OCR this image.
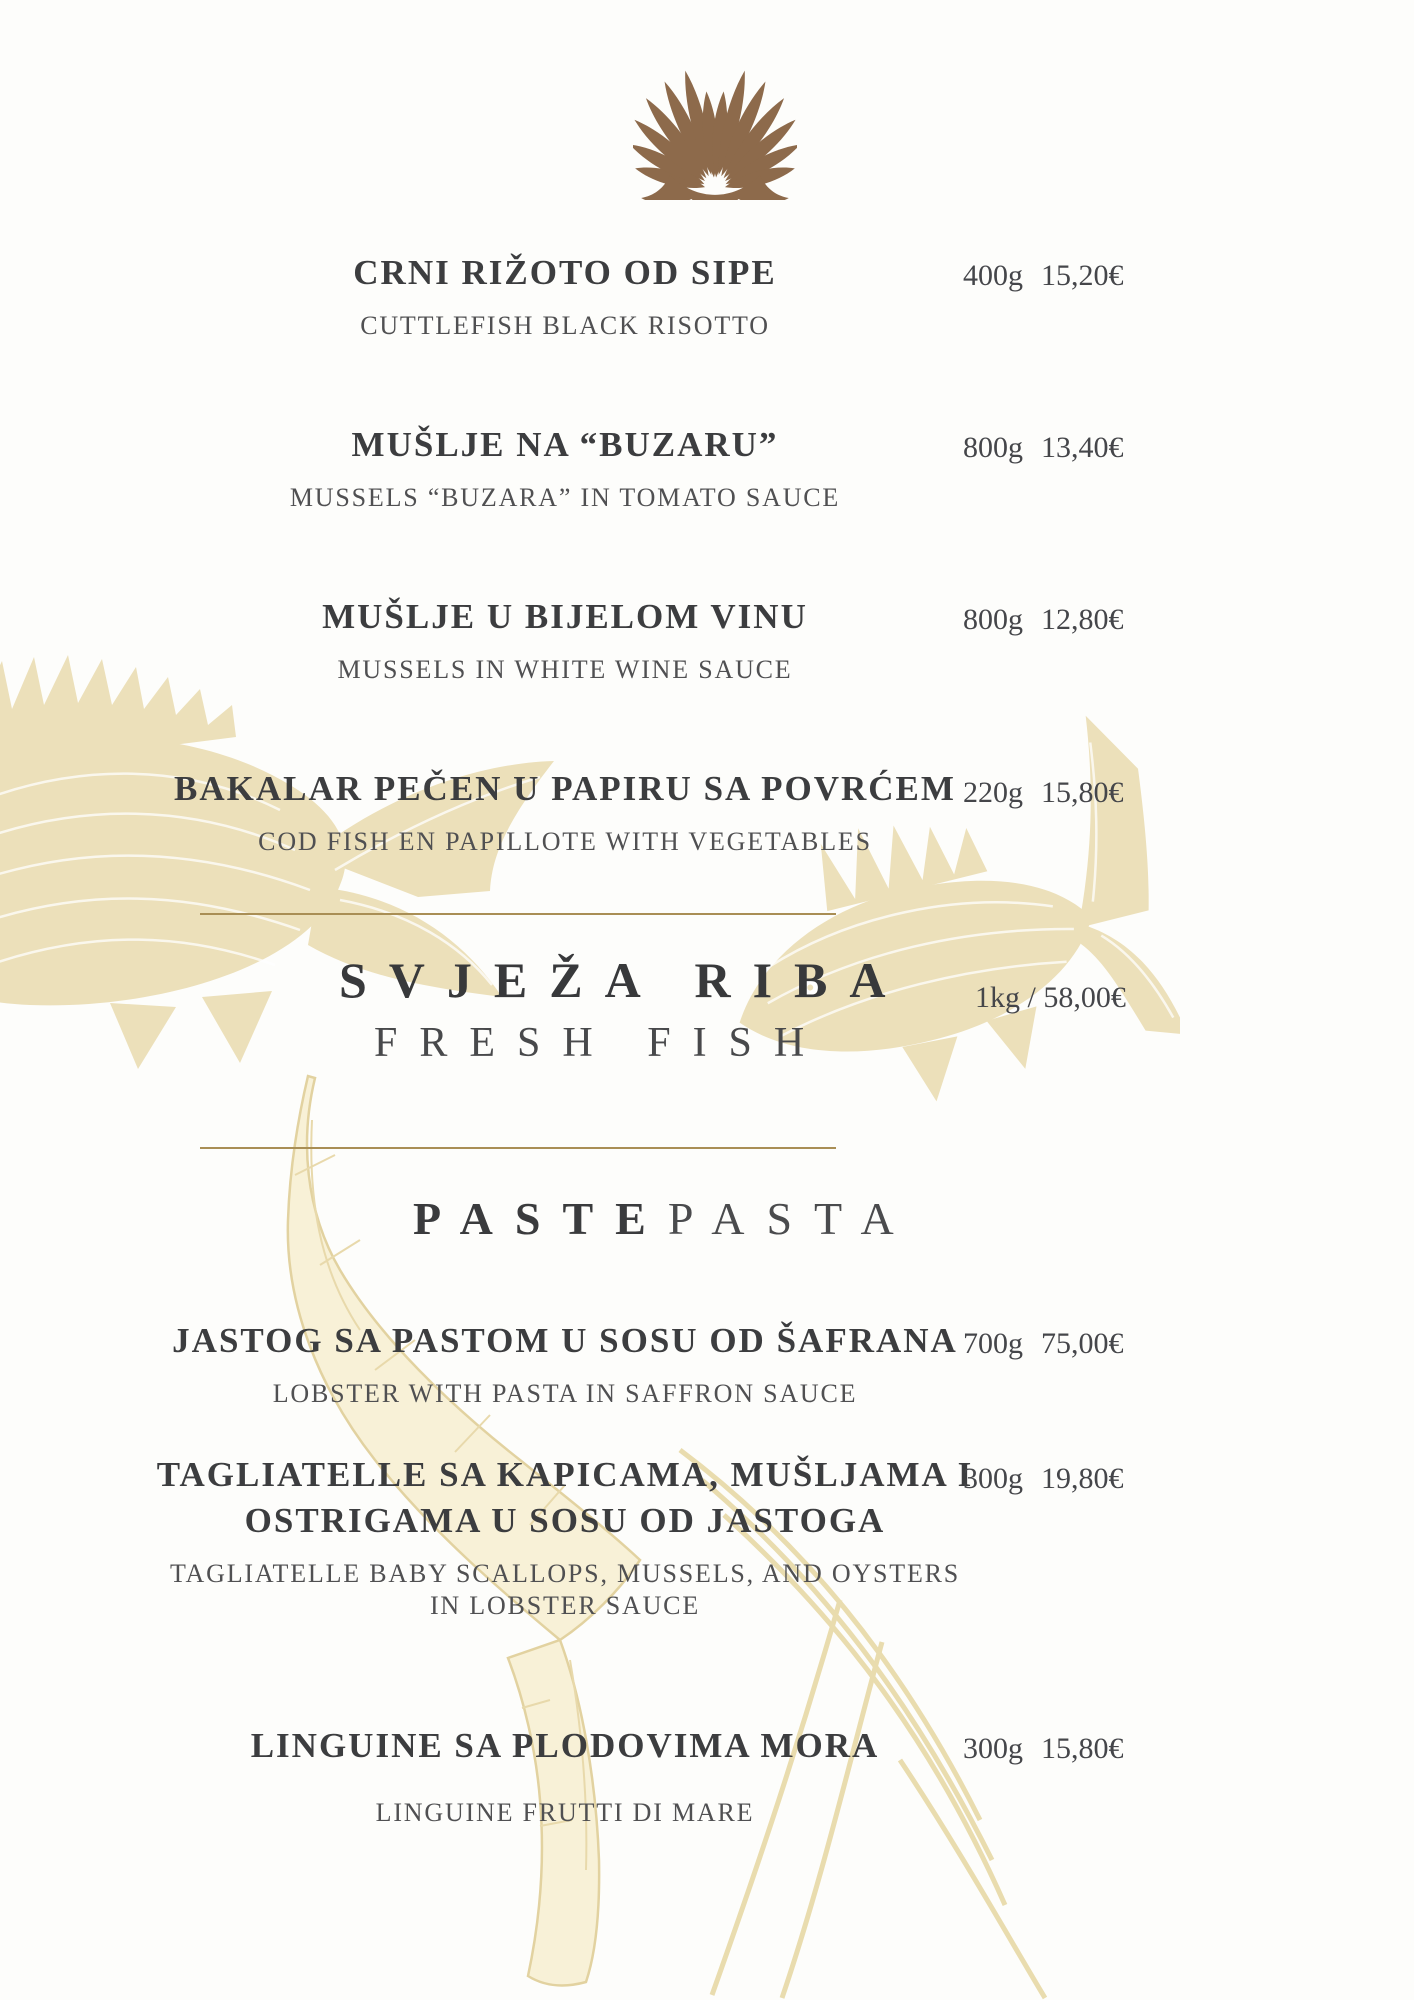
CRNI RIŽOTO OD SIPE
CUTTLEFISH BLACK RISOTTO
400g 15,20€
MUŠLJE NA “BUZARU”
MUSSELS “BUZARA” IN TOMATO SAUCE
800g 13,40€
MUŠLJE U BIJELOM VINU
MUSSELS IN WHITE WINE SAUCE
800g 12,80€
BAKALAR PEČEN U PAPIRU SA POVRĆEM
COD FISH EN PAPILLOTE WITH VEGETABLES
220g 15,80€
SVJEŽA RIBA
FRESH FISH
1kg / 58,00€
PASTEPASTA
JASTOG SA PASTOM U SOSU OD ŠAFRANA
LOBSTER WITH PASTA IN SAFFRON SAUCE
700g 75,00€
TAGLIATELLE SA KAPICAMA, MUŠLJAMA I OSTRIGAMA U SOSU OD JASTOGA
TAGLIATELLE BABY SCALLOPS, MUSSELS, AND OYSTERS IN LOBSTER SAUCE
300g 19,80€
LINGUINE SA PLODOVIMA MORA
LINGUINE FRUTTI DI MARE
300g 15,80€
